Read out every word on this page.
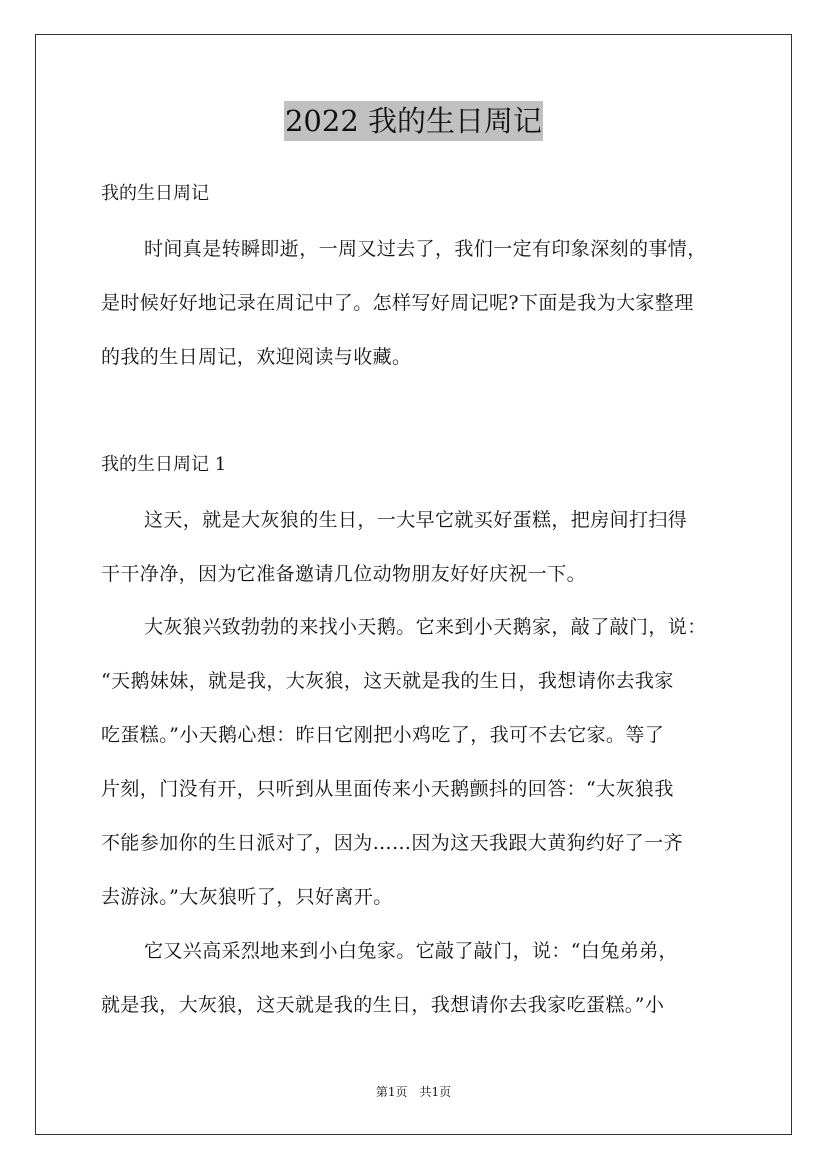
2022 我的生日周记
我的生日周记
时间真是转瞬即逝，一周又过去了，我们一定有印象深刻的事情，
是时候好好地记录在周记中了。怎样写好周记呢?下面是我为大家整理
的我的生日周记，欢迎阅读与收藏。
我的生日周记 1
这天，就是大灰狼的生日，一大早它就买好蛋糕，把房间打扫得
干干净净，因为它准备邀请几位动物朋友好好庆祝一下。
大灰狼兴致勃勃的来找小天鹅。它来到小天鹅家，敲了敲门，说：
“天鹅妹妹，就是我，大灰狼，这天就是我的生日，我想请你去我家
吃蛋糕。”小天鹅心想：昨日它刚把小鸡吃了，我可不去它家。等了
片刻，门没有开，只听到从里面传来小天鹅颤抖的回答：“大灰狼我
不能参加你的生日派对了，因为……因为这天我跟大黄狗约好了一齐
去游泳。”大灰狼听了，只好离开。
它又兴高采烈地来到小白兔家。它敲了敲门，说：“白兔弟弟，
就是我，大灰狼，这天就是我的生日，我想请你去我家吃蛋糕。”小
第1页　共1页
